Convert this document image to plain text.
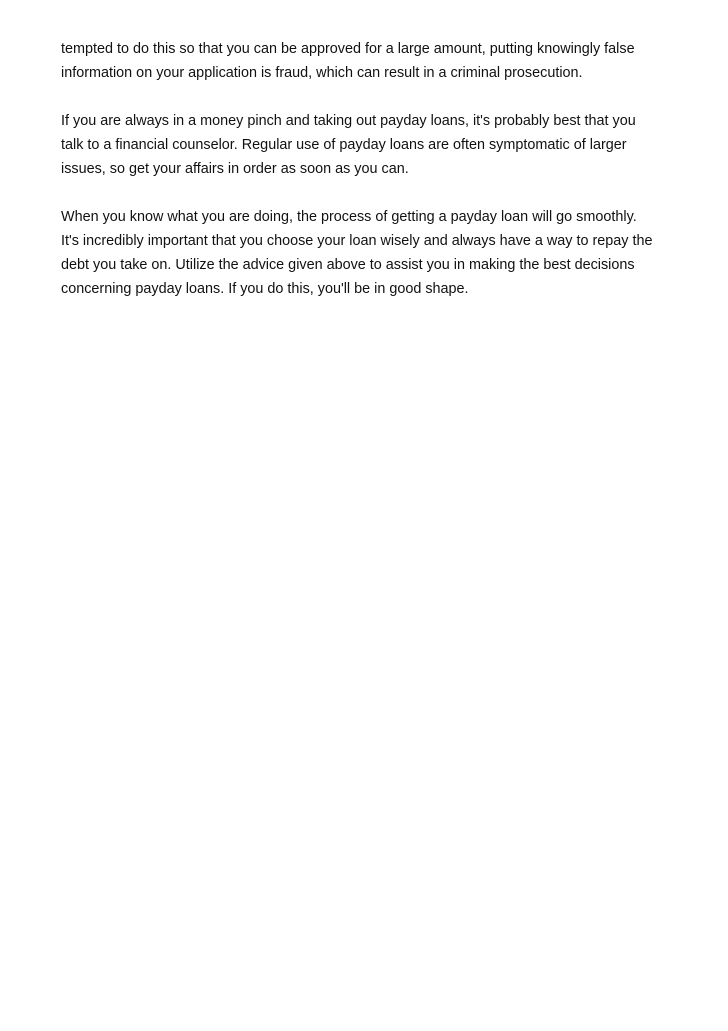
tempted to do this so that you can be approved for a large amount, putting knowingly false
information on your application is fraud, which can result in a criminal prosecution.

If you are always in a money pinch and taking out payday loans, it's probably best that you
talk to a financial counselor. Regular use of payday loans are often symptomatic of larger
issues, so get your affairs in order as soon as you can.

When you know what you are doing, the process of getting a payday loan will go smoothly.
It's incredibly important that you choose your loan wisely and always have a way to repay the
debt you take on. Utilize the advice given above to assist you in making the best decisions
concerning payday loans. If you do this, you'll be in good shape.
